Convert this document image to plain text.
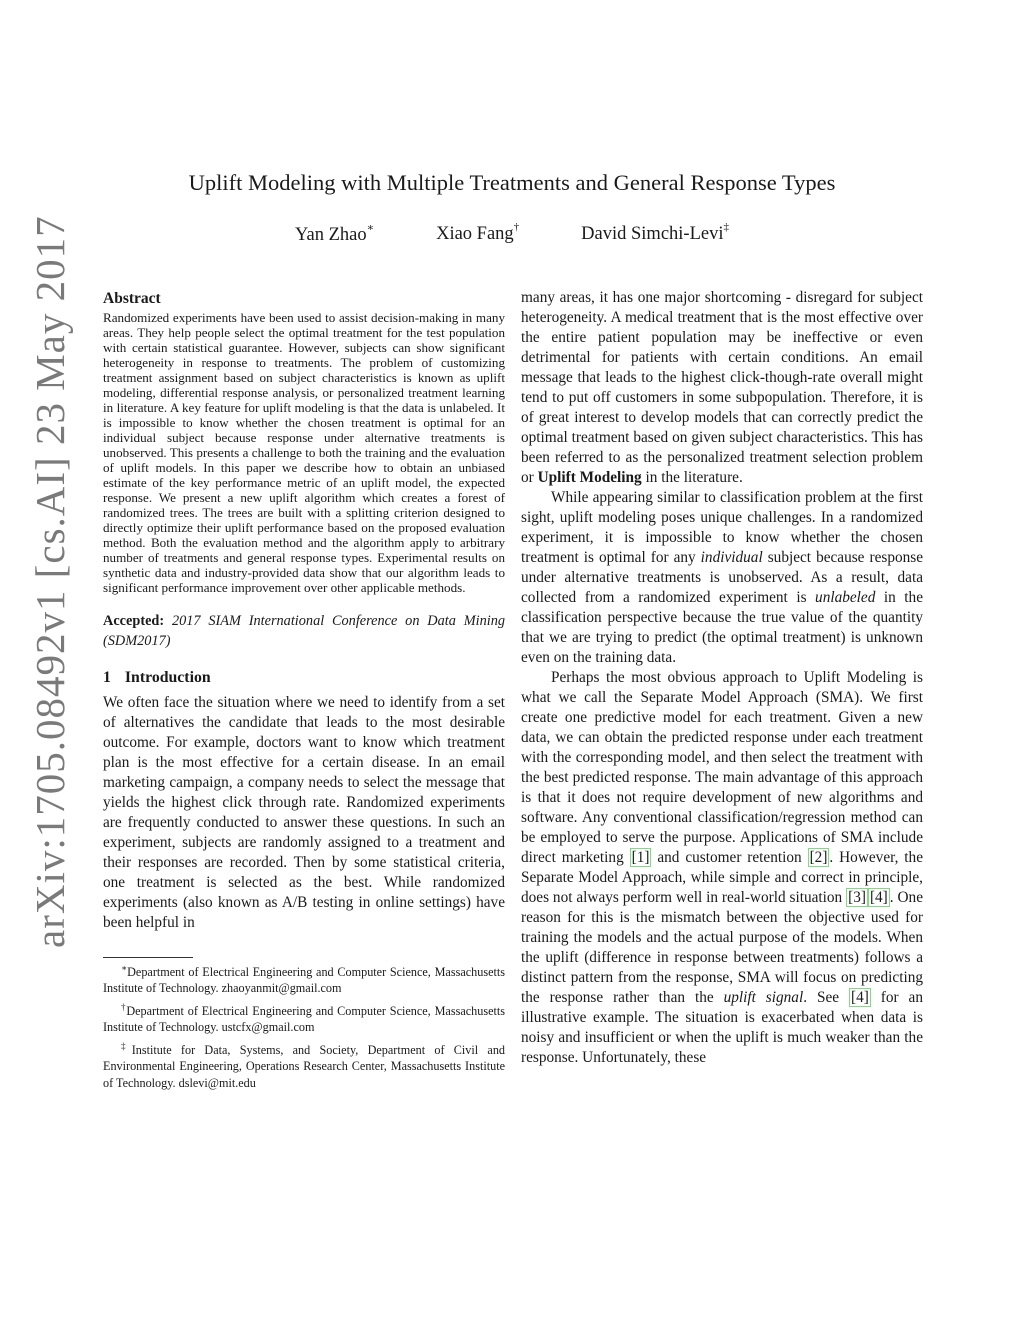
arXiv:1705.08492v1 [cs.AI] 23 May 2017
Uplift Modeling with Multiple Treatments and General Response Types
Yan Zhao∗	Xiao Fang†	David Simchi-Levi‡
Abstract

Randomized experiments have been used to assist decision-making in many areas. They help people select the optimal treatment for the test population with certain statistical guarantee. However, subjects can show significant heterogeneity in response to treatments. The problem of customizing treatment assignment based on subject characteristics is known as uplift modeling, differential response analysis, or personalized treatment learning in literature. A key feature for uplift modeling is that the data is unlabeled. It is impossible to know whether the chosen treatment is optimal for an individual subject because response under alternative treatments is unobserved. This presents a challenge to both the training and the evaluation of uplift models. In this paper we describe how to obtain an unbiased estimate of the key performance metric of an uplift model, the expected response. We present a new uplift algorithm which creates a forest of randomized trees. The trees are built with a splitting criterion designed to directly optimize their uplift performance based on the proposed evaluation method. Both the evaluation method and the algorithm apply to arbitrary number of treatments and general response types. Experimental results on synthetic data and industry-provided data show that our algorithm leads to significant performance improvement over other applicable methods.

Accepted: 2017 SIAM International Conference on Data Mining (SDM2017)
1 Introduction

We often face the situation where we need to identify from a set of alternatives the candidate that leads to the most desirable outcome. For example, doctors want to know which treatment plan is the most effective for a certain disease. In an email marketing campaign, a company needs to select the message that yields the highest click through rate. Randomized experiments are frequently conducted to answer these questions. In such an experiment, subjects are randomly assigned to a treatment and their responses are recorded. Then by some statistical criteria, one treatment is selected as the best. While randomized experiments (also known as A/B testing in online settings) have been helpful in

∗Department of Electrical Engineering and Computer Science, Massachusetts Institute of Technology. zhaoyanmit@gmail.com

†Department of Electrical Engineering and Computer Science, Massachusetts Institute of Technology. ustcfx@gmail.com

‡Institute for Data, Systems, and Society, Department of Civil and Environmental Engineering, Operations Research Center, Massachusetts Institute of Technology. dslevi@mit.edu

many areas, it has one major shortcoming - disregard for subject heterogeneity. A medical treatment that is the most effective over the entire patient population may be ineffective or even detrimental for patients with certain conditions. An email message that leads to the highest click-though-rate overall might tend to put off customers in some subpopulation. Therefore, it is of great interest to develop models that can correctly predict the optimal treatment based on given subject characteristics. This has been referred to as the personalized treatment selection problem or Uplift Modeling in the literature.

While appearing similar to classification problem at the first sight, uplift modeling poses unique challenges. In a randomized experiment, it is impossible to know whether the chosen treatment is optimal for any individual subject because response under alternative treatments is unobserved. As a result, data collected from a randomized experiment is unlabeled in the classification perspective because the true value of the quantity that we are trying to predict (the optimal treatment) is unknown even on the training data.

Perhaps the most obvious approach to Uplift Modeling is what we call the Separate Model Approach (SMA). We first create one predictive model for each treatment. Given a new data, we can obtain the predicted response under each treatment with the corresponding model, and then select the treatment with the best predicted response. The main advantage of this approach is that it does not require development of new algorithms and software. Any conventional classification/regression method can be employed to serve the purpose. Applications of SMA include direct marketing [1] and customer retention [2] . However, the Separate Model Approach, while simple and correct in principle, does not always perform well in real-world situation [3] [4] . One reason for this is the mismatch between the objective used for training the models and the actual purpose of the models. When the uplift (difference in response between treatments) follows a distinct pattern from the response, SMA will focus on predicting the response rather than the uplift signal. See [4] for an illustrative example. The situation is exacerbated when data is noisy and insufficient or when the uplift is much weaker than the response. Unfortunately, these
